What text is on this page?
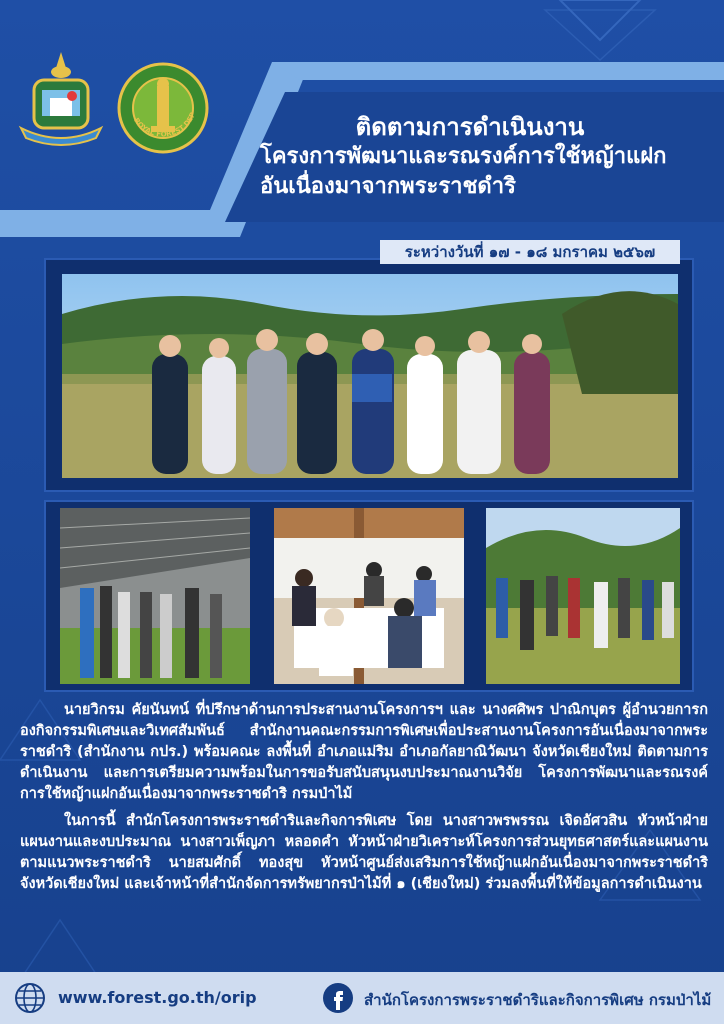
ROYAL FOREST DEP	ติดตามการดำเนินงาน
โครงการพัฒนาและรณรงค์การใช้หญ้าแฝก
อันเนื่องมาจากพระราชดำริ
ระหว่างวันที่ ๑๗ - ๑๘ มกราคม ๒๕๖๗

นายวิกรม คัยนันทน์ ที่ปรึกษาด้านการประสานงานโครงการฯ และ นางศศิพร ปาณิกบุตร ผู้อำนวยการกองกิจกรรมพิเศษและวิเทศสัมพันธ์ สำนักงานคณะกรรมการพิเศษเพื่อประสานงานโครงการอันเนื่องมาจากพระราชดำริ (สำนักงาน กปร.) พร้อมคณะ ลงพื้นที่ อำเภอแม่ริม อำเภอกัลยาณิวัฒนา จังหวัดเชียงใหม่ ติดตามการดำเนินงาน และการเตรียมความพร้อมในการขอรับสนับสนุนงบประมาณงานวิจัย โครงการพัฒนาและรณรงค์การใช้หญ้าแฝกอันเนื่องมาจากพระราชดำริ กรมป่าไม้

ในการนี้ สำนักโครงการพระราชดำริและกิจการพิเศษ โดย นางสาวพรพรรณ เจิดอัศวสิน หัวหน้าฝ่ายแผนงานและงบประมาณ นางสาวเพ็ญภา หลอดคำ หัวหน้าฝ่ายวิเคราะห์โครงการส่วนยุทธศาสตร์และแผนงานตามแนวพระราชดำริ นายสมศักดิ์ ทองสุข หัวหน้าศูนย์ส่งเสริมการใช้หญ้าแฝกอันเนื่องมาจากพระราชดำริ จังหวัดเชียงใหม่ และเจ้าหน้าที่สำนักจัดการทรัพยากรป่าไม้ที่ ๑ (เชียงใหม่) ร่วมลงพื้นที่ให้ข้อมูลการดำเนินงาน

www.forest.go.th/orip	สำนักโครงการพระราชดำริและกิจการพิเศษ กรมป่าไม้
